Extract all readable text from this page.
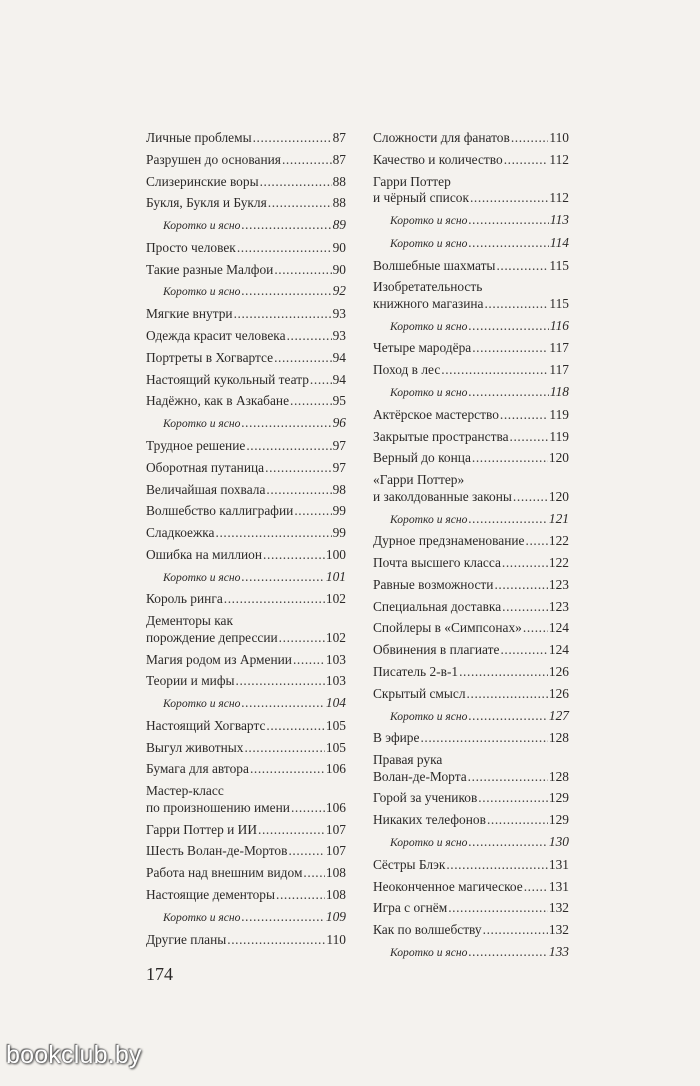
Личные проблемы .....	87
Разрушен до основания .....	87
Слизеринские воры .....	88
Букля, Букля и Букля .....	88
Коротко и ясно .....	89
Просто человек .....	90
Такие разные Малфои .....	90
Коротко и ясно .....	92
Мягкие внутри .....	93
Одежда красит человека .....	93
Портреты в Хогвартсе .....	94
Настоящий кукольный театр ..... 94
Надёжно, как в Азкабане .....	95
Коротко и ясно .....	96
Трудное решение .....	97
Оборотная путаница .....	97
Величайшая похвала .....	98
Волшебство каллиграфии .....	99
Сладкоежка .....	99
Ошибка на миллион .....	100
Коротко и ясно .....	101
Король ринга .....	102
Дементоры как
порождение депрессии .....	102
Магия родом из Армении .....	103
Теории и мифы .....	103
Коротко и ясно .....	104
Настоящий Хогвартс .....	105
Выгул животных .....	105
Бумага для автора .....	106
Мастер-класс
по произношению имени .....	106
Гарри Поттер и ИИ .....	107
Шесть Волан-де-Мортов .....	107
Работа над внешним видом ..... 108
Настоящие дементоры .....	108
Коротко и ясно .....	109
Другие планы .....	110
Сложности для фанатов .....	110
Качество и количество .....	112
Гарри Поттер
и чёрный список .....	112
Коротко и ясно .....	113
Коротко и ясно .....	114
Волшебные шахматы .....	115
Изобретательность
книжного магазина .....	115
Коротко и ясно .....	116
Четыре мародёра .....	117
Поход в лес .....	117
Коротко и ясно .....	118
Актёрское мастерство .....	119
Закрытые пространства .....	119
Верный до конца .....	120
«Гарри Поттер»
и заколдованные законы .....	120
Коротко и ясно .....	121
Дурное предзнаменование ..... 122
Почта высшего класса .....	122
Равные возможности .....	123
Специальная доставка .....	123
Спойлеры в «Симпсонах» ..... 124
Обвинения в плагиате .....	124
Писатель 2-в-1 .....	126
Скрытый смысл .....	126
Коротко и ясно .....	127
В эфире .....	128
Правая рука
Волан-де-Морта .....	128
Горой за учеников .....	129
Никаких телефонов .....	129
Коротко и ясно .....	130
Сёстры Блэк .....	131
Неоконченное магическое ..... 131
Игра с огнём .....	132
Как по волшебству .....	132
Коротко и ясно .....	133
174
bookclub.by
